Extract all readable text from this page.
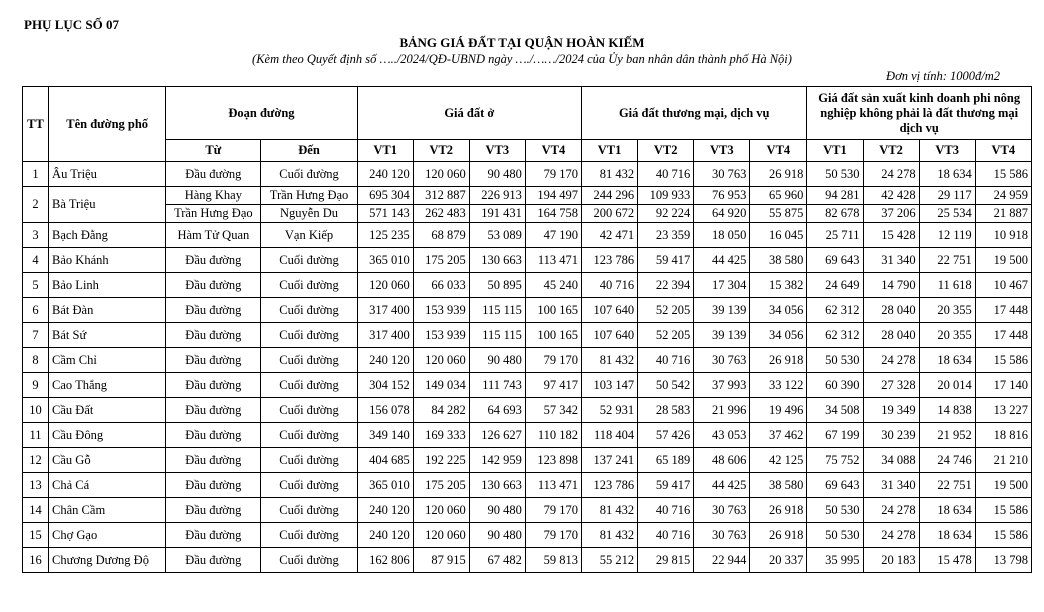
PHỤ LỤC SỐ 07
BẢNG GIÁ ĐẤT TẠI QUẬN HOÀN KIẾM
(Kèm theo Quyết định số …../2024/QĐ-UBND ngày …./……/2024 của Ủy ban nhân dân thành phố Hà Nội)
Đơn vị tính: 1000đ/m2
TT	Tên đường phố	Đoạn đường		Giá đất ở				Giá đất thương mại, dịch vụ				Giá đất sản xuất kinh doanh phi nông nghiệp không phải là đất thương mại dịch vụ			
		Từ	Đến	VT1	VT2	VT3	VT4	VT1	VT2	VT3	VT4	VT1	VT2	VT3	VT4
1	Âu Triệu	Đầu đường	Cuối đường	240 120	120 060	90 480	79 170	81 432	40 716	30 763	26 918	50 530	24 278	18 634	15 586
2	Bà Triệu	Hàng Khay	Trần Hưng Đạo	695 304	312 887	226 913	194 497	244 296	109 933	76 953	65 960	94 281	42 428	29 117	24 959
		Trần Hưng Đạo	Nguyễn Du	571 143	262 483	191 431	164 758	200 672	92 224	64 920	55 875	82 678	37 206	25 534	21 887
3	Bạch Đằng	Hàm Tử Quan	Vạn Kiếp	125 235	68 879	53 089	47 190	42 471	23 359	18 050	16 045	25 711	15 428	12 119	10 918
4	Bảo Khánh	Đầu đường	Cuối đường	365 010	175 205	130 663	113 471	123 786	59 417	44 425	38 580	69 643	31 340	22 751	19 500
5	Bảo Linh	Đầu đường	Cuối đường	120 060	66 033	50 895	45 240	40 716	22 394	17 304	15 382	24 649	14 790	11 618	10 467
6	Bát Đàn	Đầu đường	Cuối đường	317 400	153 939	115 115	100 165	107 640	52 205	39 139	34 056	62 312	28 040	20 355	17 448
7	Bát Sứ	Đầu đường	Cuối đường	317 400	153 939	115 115	100 165	107 640	52 205	39 139	34 056	62 312	28 040	20 355	17 448
8	Cầm Chỉ	Đầu đường	Cuối đường	240 120	120 060	90 480	79 170	81 432	40 716	30 763	26 918	50 530	24 278	18 634	15 586
9	Cao Thắng	Đầu đường	Cuối đường	304 152	149 034	111 743	97 417	103 147	50 542	37 993	33 122	60 390	27 328	20 014	17 140
10	Cầu Đất	Đầu đường	Cuối đường	156 078	84 282	64 693	57 342	52 931	28 583	21 996	19 496	34 508	19 349	14 838	13 227
11	Cầu Đông	Đầu đường	Cuối đường	349 140	169 333	126 627	110 182	118 404	57 426	43 053	37 462	67 199	30 239	21 952	18 816
12	Cầu Gỗ	Đầu đường	Cuối đường	404 685	192 225	142 959	123 898	137 241	65 189	48 606	42 125	75 752	34 088	24 746	21 210
13	Chả Cá	Đầu đường	Cuối đường	365 010	175 205	130 663	113 471	123 786	59 417	44 425	38 580	69 643	31 340	22 751	19 500
14	Chân Cầm	Đầu đường	Cuối đường	240 120	120 060	90 480	79 170	81 432	40 716	30 763	26 918	50 530	24 278	18 634	15 586
15	Chợ Gạo	Đầu đường	Cuối đường	240 120	120 060	90 480	79 170	81 432	40 716	30 763	26 918	50 530	24 278	18 634	15 586
16	Chương Dương Độ	Đầu đường	Cuối đường	162 806	87 915	67 482	59 813	55 212	29 815	22 944	20 337	35 995	20 183	15 478	13 798
